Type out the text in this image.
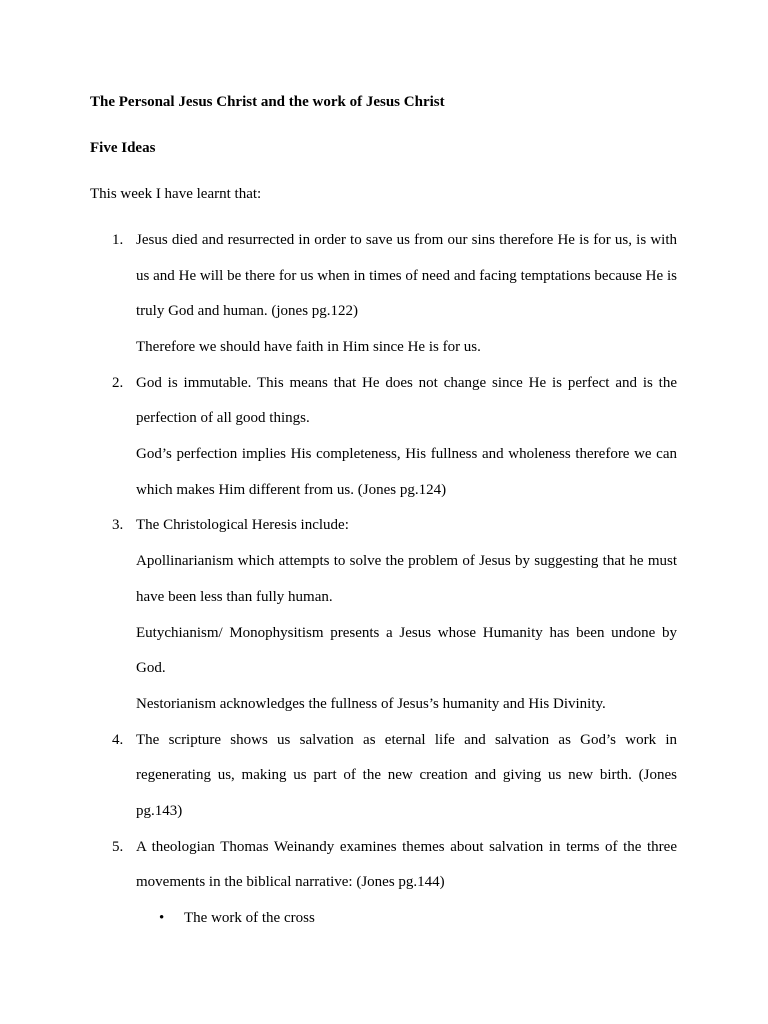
The Personal Jesus Christ and the work of Jesus Christ
Five Ideas
This week I have learnt that:
1. Jesus died and resurrected in order to save us from our sins therefore He is for us, is with
us and He will be there for us when in times of need and facing temptations because He is
truly God and human. (jones pg.122)
Therefore we should have faith in Him since He is for us.
2. God is immutable. This means that He does not change since He is perfect and is the
perfection of all good things.
God’s perfection implies His completeness, His fullness and wholeness therefore we can
which makes Him different from us. (Jones pg.124)
3. The Christological Heresis include:
Apollinarianism which attempts to solve the problem of Jesus by suggesting that he must
have been less than fully human.
Eutychianism/ Monophysitism presents a Jesus whose Humanity has been undone by
God.
Nestorianism acknowledges the fullness of Jesus’s humanity and His Divinity.
4. The scripture shows us salvation as eternal life and salvation as God’s work in
regenerating us, making us part of the new creation and giving us new birth. (Jones
pg.143)
5. A theologian Thomas Weinandy examines themes about salvation in terms of the three
movements in the biblical narrative: (Jones pg.144)
• The work of the cross
